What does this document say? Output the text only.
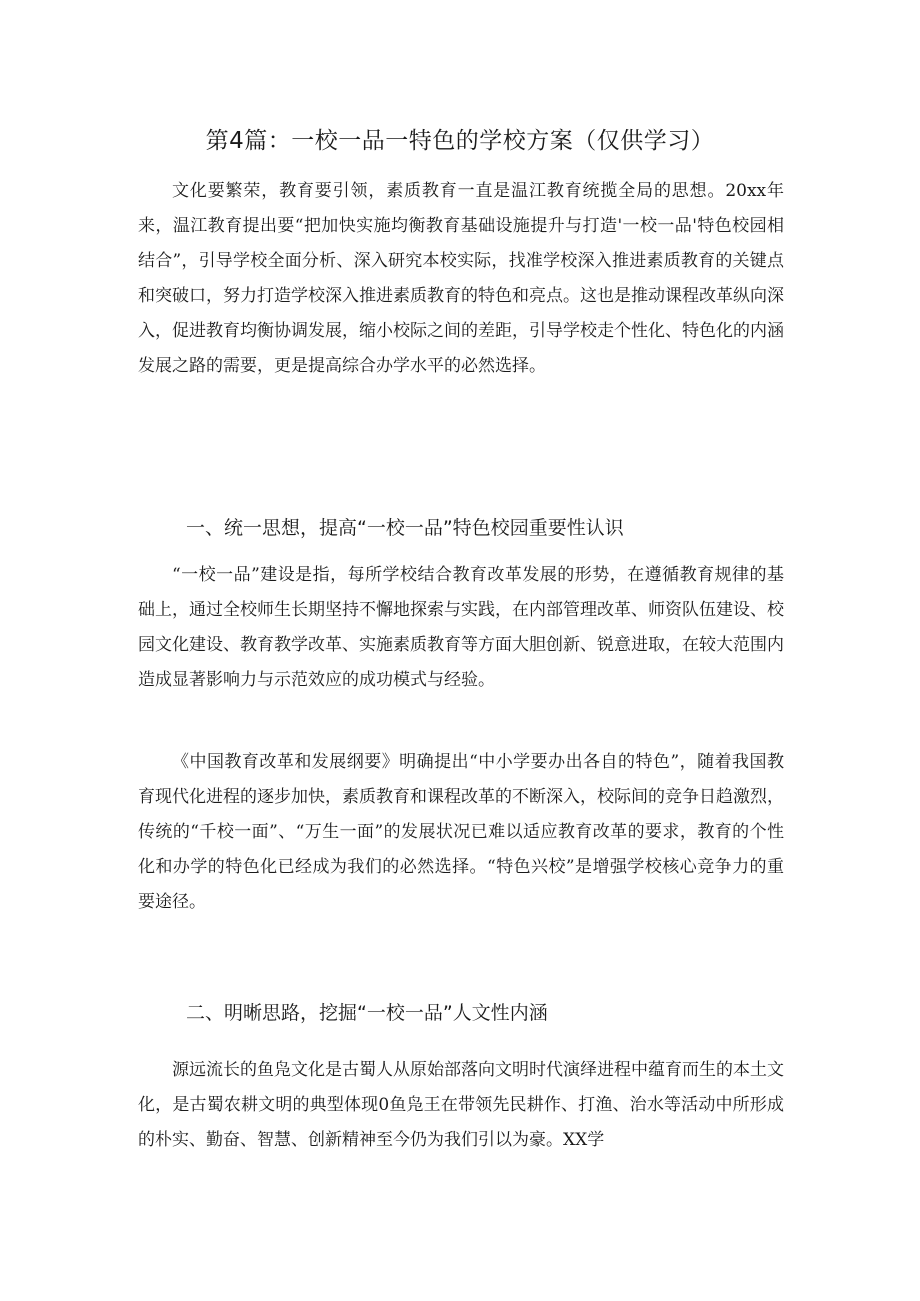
第4篇：一校一品一特色的学校方案（仅供学习）

文化要繁荣，教育要引领，素质教育一直是温江教育统揽全局的思想。20xx年来，温江教育提出要“把加快实施均衡教育基础设施提升与打造'一校一品'特色校园相结合”，引导学校全面分析、深入研究本校实际，找准学校深入推进素质教育的关键点和突破口，努力打造学校深入推进素质教育的特色和亮点。这也是推动课程改革纵向深入，促进教育均衡协调发展，缩小校际之间的差距，引导学校走个性化、特色化的内涵发展之路的需要，更是提高综合办学水平的必然选择。

一、统一思想，提高“一校一品”特色校园重要性认识

“一校一品”建设是指，每所学校结合教育改革发展的形势，在遵循教育规律的基础上，通过全校师生长期坚持不懈地探索与实践，在内部管理改革、师资队伍建设、校园文化建设、教育教学改革、实施素质教育等方面大胆创新、锐意进取，在较大范围内造成显著影响力与示范效应的成功模式与经验。

《中国教育改革和发展纲要》明确提出“中小学要办出各自的特色”，随着我国教育现代化进程的逐步加快，素质教育和课程改革的不断深入，校际间的竞争日趋激烈，传统的“千校一面”、“万生一面”的发展状况已难以适应教育改革的要求，教育的个性化和办学的特色化已经成为我们的必然选择。“特色兴校”是增强学校核心竞争力的重要途径。

二、明晰思路，挖掘“一校一品”人文性内涵

源远流长的鱼凫文化是古蜀人从原始部落向文明时代演绎进程中蕴育而生的本土文化，是古蜀农耕文明的典型体现0鱼凫王在带领先民耕作、打渔、治水等活动中所形成的朴实、勤奋、智慧、创新精神至今仍为我们引以为豪。XX学
